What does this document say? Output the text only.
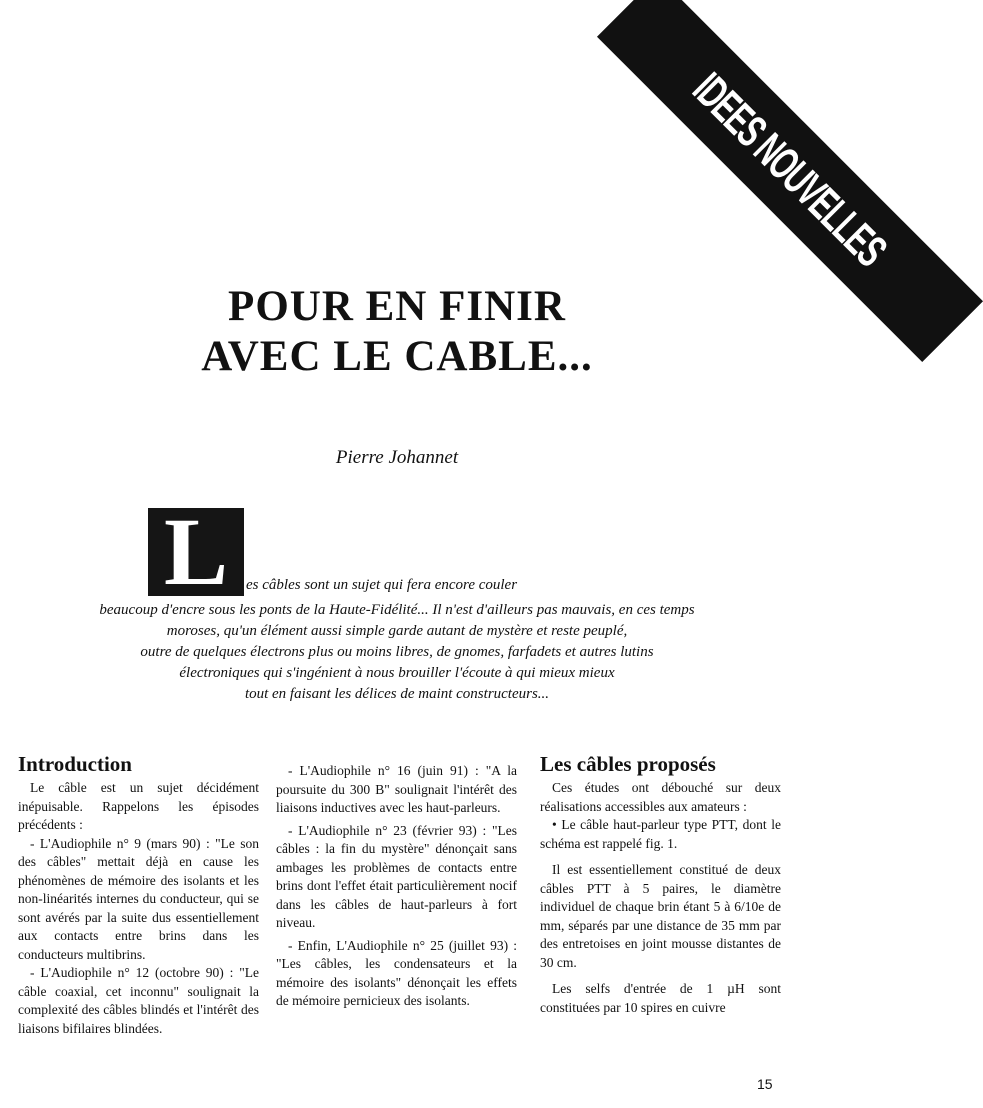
IDEES NOUVELLES
POUR EN FINIR
AVEC LE CABLE...
Pierre Johannet
L	es câbles sont un sujet qui fera encore couler
beaucoup d'encre sous les ponts de la Haute-Fidélité... Il n'est d'ailleurs pas mauvais, en ces temps
moroses, qu'un élément aussi simple garde autant de mystère et reste peuplé,
outre de quelques électrons plus ou moins libres, de gnomes, farfadets et autres lutins
électroniques qui s'ingénient à nous brouiller l'écoute à qui mieux mieux
tout en faisant les délices de maint constructeurs...
Introduction

Le câble est un sujet décidément inépuisable. Rappelons les épisodes précédents :

- L'Audiophile n° 9 (mars 90) : "Le son des câbles" mettait déjà en cause les phénomènes de mémoire des isolants et les non-linéarités internes du conducteur, qui se sont avérés par la suite dus essentiellement aux contacts entre brins dans les conducteurs multibrins.

- L'Audiophile n° 12 (octobre 90) : "Le câble coaxial, cet inconnu" soulignait la complexité des câbles blindés et l'intérêt des liaisons bifilaires blindées.

- L'Audiophile n° 16 (juin 91) : "A la poursuite du 300 B" soulignait l'intérêt des liaisons inductives avec les haut-parleurs.

- L'Audiophile n° 23 (février 93) : "Les câbles : la fin du mystère" dénonçait sans ambages les problèmes de contacts entre brins dont l'effet était particulièrement nocif dans les câbles de haut-parleurs à fort niveau.

- Enfin, L'Audiophile n° 25 (juillet 93) : "Les câbles, les condensateurs et la mémoire des isolants" dénonçait les effets de mémoire pernicieux des isolants.

Les câbles proposés

Ces études ont débouché sur deux réalisations accessibles aux amateurs :

• Le câble haut-parleur type PTT, dont le schéma est rappelé fig. 1.

Il est essentiellement constitué de deux câbles PTT à 5 paires, le diamètre individuel de chaque brin étant 5 à 6/10e de mm, séparés par une distance de 35 mm par des entretoises en joint mousse distantes de 30 cm.

Les selfs d'entrée de 1 µH sont constituées par 10 spires en cuivre

15
